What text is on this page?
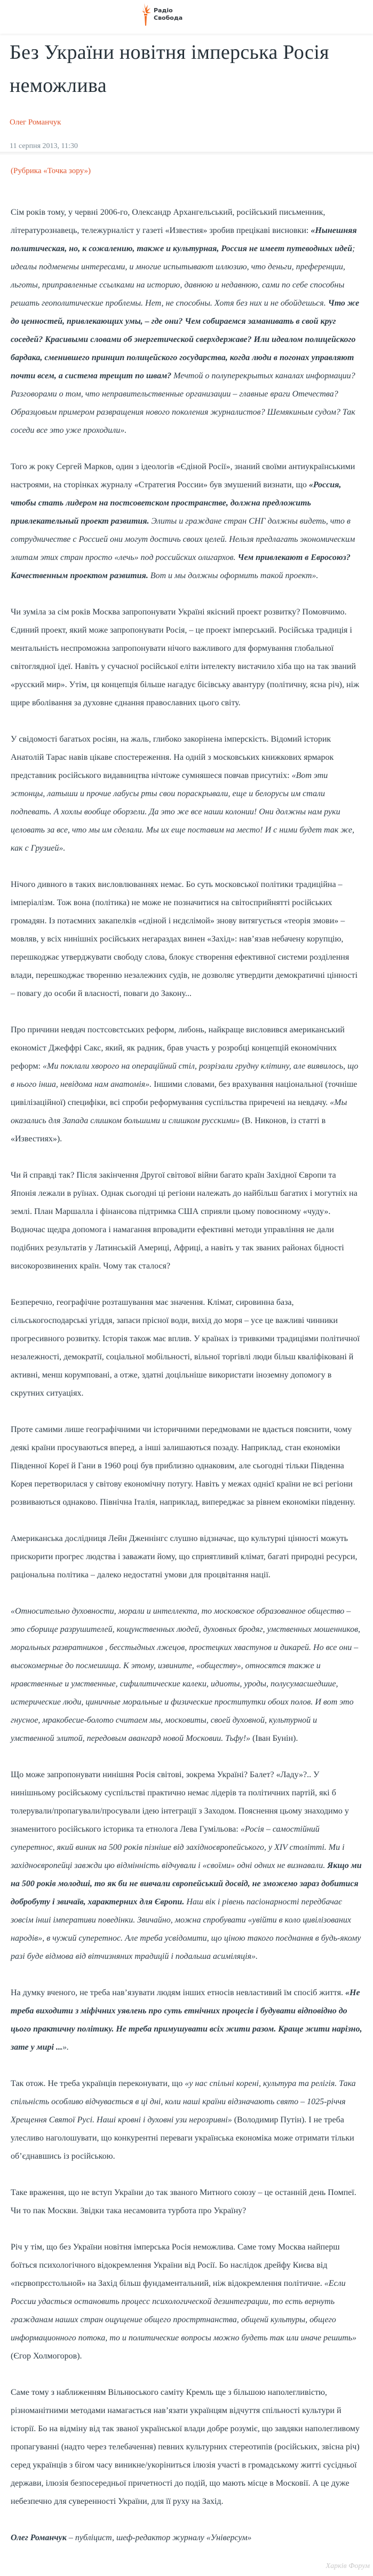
Радіо
Свобода
Без України новітня імперська Росія неможлива
Олег Романчук
11 серпня 2013, 11:30
(Рубрика «Точка зору»)

Сім років тому, у червні 2006-го, Олександр Архангельський, російський письменник, літературознавець, тележурналіст у газеті «Известия» зробив прецікаві висновки: «Нынешняя политическая, но, к сожалению, также и культурная, Россия не имеет путеводных идей; идеалы подменены интересами, и многие испытывают иллюзию, что деньги, преференции, льготы, приправленные ссылками на историю, давнюю и недавнюю, сами по себе способны решать геополитические проблемы. Нет, не способны. Хотя без них и не обойдешься. Что же до ценностей, привлекающих умы, – где они? Чем собираемся заманивать в свой круг соседей? Красивыми словами об энергетической сверхдержаве? Или идеалом полицейского бардака, сменившего принцип полицейского государства, когда люди в погонах управляют почти всем, а система трещит по швам? Мечтой о полуперекрытых каналах информации? Разговорами о том, что неправительственные организации – главные враги Отечества? Образцовым примером развращения нового поколения журналистов? Шемякиным судом? Так соседи все это уже проходили».

Того ж року Сергей Марков, один з ідеологів «Єдіной Росії», знаний своїми антиукраїнськими настроями, на сторінках журналу «Стратегия России» був змушений визнати, що «Россия, чтобы стать лидером на постсоветском пространстве, должна предложить привлекательный проект развития. Элиты и граждане стран СНГ должны видеть, что в сотрудничестве с Россией они могут достичь своих целей. Нельзя предлагать экономическим элитам этих стран просто «лечь» под российских олигархов. Чем привлекают в Евросоюз? Качественным проектом развития. Вот и мы должны оформить такой проект».

Чи зуміла за сім років Москва запропонувати Україні якісний проект розвитку? Помовчимо. Єдиний проект, який може запропонувати Росія, – це проект імперський. Російська традиція і ментальність неспроможна запропонувати нічого важливого для формування глобальної світоглядної ідеї. Навіть у сучасної російської еліти інтелекту вистачило хіба що на так званий «русский мир». Утім, ця концепція більше нагадує бісівську авантуру (політичну, ясна річ), ніж щире вболівання за духовне єднання православних цього світу.

У свідомості багатьох росіян, на жаль, глибоко закорінена імперскість. Відомий історик Анатолій Тарас навів цікаве спостереження. На одній з московських книжкових ярмарок представник російського видавництва нічтоже сумняшеся повчав присутніх: «Вот эти эстонцы, латыши и прочие лабусы рты свои пораскрывали, еще и белорусы им стали подпевать. А хохлы вообще оборзели. Да это же все наши колонии! Они должны нам руки целовать за все, что мы им сделали. Мы их еще поставим на место! И с ними будет так же, как с Грузией».

Нічого дивного в таких висловлюваннях немає. Бо суть московської політики традиційна – імперіалізм. Тож вона (політика) не може не позначитися на світосприйнятті російських громадян. Із потаємних закапелків «єдіной і нєдєлімой» знову витягується «теорія змови» – мовляв, у всіх нинішніх російських негараздах винен «Захід»: нав’язав небачену корупцію, перешкоджає утверджувати свободу слова, блокує створення ефективної системи розділення влади, перешкоджає творенню незалежних судів, не дозволяє утвердити демократичні цінності – повагу до особи й власності, поваги до Закону...

Про причини невдач постсовєтських реформ, либонь, найкраще висловився американський економіст Джеффрі Сакс, який, як радник, брав участь у розробці концепцій економічних реформ: «Ми поклали хворого на операційний стіл, розрізали грудну клітину, але виявилось, що в нього інша, невідома нам анатомія». Іншими словами, без врахування національної (точніше цивілізаційної) специфіки, всі спроби реформування суспільства приречені на невдачу. «Мы оказались для Запада слишком большими и слишком русскими» (В. Никонов, із статті в «Известиях»).

Чи й справді так? Після закінчення Другої світової війни багато країн Західної Європи та Японія лежали в руїнах. Однак сьогодні ці регіони належать до найбільш багатих і могутніх на землі. План Маршалла і фінансова підтримка США сприяли цьому повоєнному «чуду». Водночас щедра допомога і намагання впровадити ефективні методи управління не дали подібних результатів у Латинській Америці, Африці, а навіть у так званих районах бідності високорозвинених країн. Чому так сталося?

Безперечно, географічне розташування має значення. Клімат, сировинна база, сільськогосподарські угіддя, запаси прісної води, вихід до моря – усе це важливі чинники прогресивного розвитку. Історія також має вплив. У країнах із тривкими традиціями політичної незалежності, демократії, соціальної мобільності, вільної торгівлі люди більш кваліфіковані й активні, менш корумповані, а отже, здатні доцільніше використати іноземну допомогу в скрутних ситуаціях.

Проте самими лише географічними чи історичними передмовами не вдається пояснити, чому деякі країни просуваються вперед, а інші залишаються позаду. Наприклад, стан економіки Південної Кореї й Гани в 1960 році був приблизно однаковим, але сьогодні тільки Південна Корея перетворилася у світову економічну потугу. Навіть у межах однієї країни не всі регіони розвиваються однаково. Північна Італія, наприклад, випереджає за рівнем економіки південну.

Американська дослідниця Лейн Дженнінгс слушно відзначає, що культурні цінності можуть прискорити прогрес людства і заважати йому, що сприятливий клімат, багаті природні ресурси, раціональна політика – далеко недостатні умови для процвітання нації.

«Относительно духовности, морали и интеллекта, то московское образованное общество – это сборище разрушителей, кощунственных людей, духовных бродяг, умственных мошенников, моральных развратников , бесстыдных лжецов, простецких хвастунов и дикарей. Но все они – высокомерные до посмешища. К этому, извините, «обществу», относятся также и нравственные и умственные, сифилитические калеки, идиоты, уроды, полусумасшедшие, истерические люди, циничные моральные и физические проститутки обоих полов. И вот это гнусное, мракобесие-болото считаем мы, московиты, своей духовной, культурной и умственной элитой, передовым авангард новой Московии. Тьфу!» (Іван Бунін).

Що може запропонувати нинішня Росія світові, зокрема Україні? Балет? «Ладу»?.. У нинішньому російському суспільстві практично немає лідерів та політичних партій, які б толерували/пропагували/просували ідею інтеграції з Заходом. Пояснення цьому знаходимо у знаменитого російського історика та етнолога Лева Гумільова: «Росія – самостійний суперетнос, який виник на 500 років пізніше від західноєвропейського, у XIV столітті. Ми і західноєвропейці завжди цю відмінність відчували і «своїми» одні одних не визнавали. Якщо ми на 500 років молодші, то як би не вивчали європейський досвід, не зможемо зараз добитися добробуту і звичаїв, характерних для Європи. Наш вік і рівень пасіонарності передбачає зовсім інші імперативи поведінки. Звичайно, можна спробувати «увійти в коло цивілізованих народів», в чужий суперетнос. Але треба усвідомити, що ціною такого поєднання в будь-якому разі буде відмова від вітчизняних традицій і подальша асиміляція».

На думку вченого, не треба нав’язувати людям інших етносів невластивий їм спосіб життя. «Не треба виходити з міфічних уявлень про суть етнічних процесів і будувати відповідно до цього практичну політику. Не треба примушувати всіх жити разом. Краще жити нарізно, зате у мирі ...».

Так отож. Не треба українців переконувати, що «у нас спільні корені, культура та релігія. Така спільність особливо відчувається в ці дні, коли наші країни відзначають свято – 1025-річчя Хрещення Святої Русі. Наші кровні і духовні узи нерозривні» (Володимир Путін). І не треба улесливо наголошувати, що конкурентні переваги українська економіка може отримати тільки об’єднавшись із російською.

Таке враження, що не вступ України до так званого Митного союзу – це останній день Помпеї. Чи то пак Москви. Звідки така несамовита турбота про Україну?

Річ у тім, що без України новітня імперська Росія неможлива. Саме тому Москва найперш боїться психологічного відокремлення України від Росії. Бо наслідок дрейфу Києва від «пєрвопрєстольной» на Захід більш фундаментальний, ніж відокремлення політичне. «Если России удасться остановить процесс психологической дезинтеграции, то есть вернуть гражданам наших стран ощущение общего простртнанства, общенй культуры, общего информационного потока, то и политические вопросы можно будеть так или иначе решить» (Єгор Холмогоров).

Саме тому з наближенням Вільнюського саміту Кремль ще з більшою наполегливістю, різноманітними методами намагається нав’язати українцям відчуття спільності культури й історії. Бо на відміну від так званої української влади добре розуміє, що завдяки наполегливому пропагуванні (надто через телебачення) певних культурних стереотипів (російських, звісна річ) серед українців з бігом часу виникне/укоріниться ілюзія участі в громадському житті сусідньої держави, ілюзія безпосередньої причетності до подій, що мають місце в Московії. А це дуже небезпечно для суверенності України, для її руху на Захід.

Олег Романчук – публіцист, шеф-редактор журналу «Універсум»

Харків Форум
